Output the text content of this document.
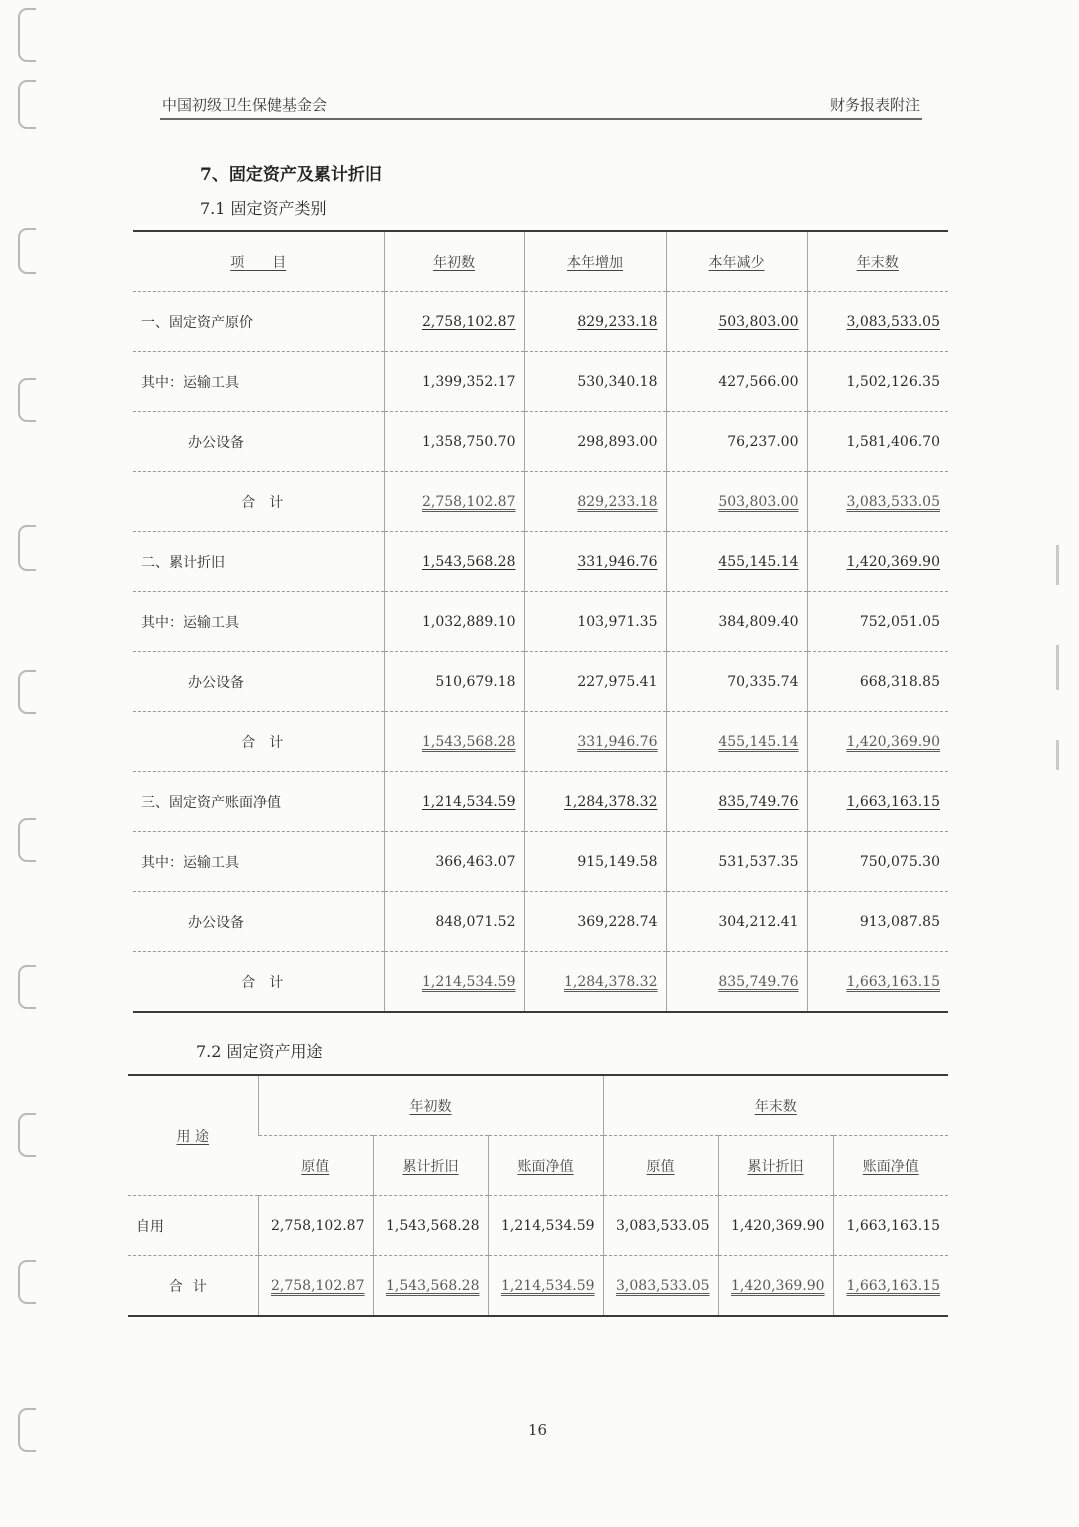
中国初级卫生保健基金会	财务报表附注
7、固定资产及累计折旧
7.1 固定资产类别
项　　目	年初数	本年增加	本年减少	年末数
一、固定资产原价	2,758,102.87	829,233.18	503,803.00	3,083,533.05
其中：运输工具	1,399,352.17	530,340.18	427,566.00	1,502,126.35
办公设备	1,358,750.70	298,893.00	76,237.00	1,581,406.70
合计	2,758,102.87	829,233.18	503,803.00	3,083,533.05
二、累计折旧	1,543,568.28	331,946.76	455,145.14	1,420,369.90
其中：运输工具	1,032,889.10	103,971.35	384,809.40	752,051.05
办公设备	510,679.18	227,975.41	70,335.74	668,318.85
合计	1,543,568.28	331,946.76	455,145.14	1,420,369.90
三、固定资产账面净值	1,214,534.59	1,284,378.32	835,749.76	1,663,163.15
其中：运输工具	366,463.07	915,149.58	531,537.35	750,075.30
办公设备	848,071.52	369,228.74	304,212.41	913,087.85
合计	1,214,534.59	1,284,378.32	835,749.76	1,663,163.15
7.2 固定资产用途
用 途	年初数			年末数		
	原值	累计折旧	账面净值	原值	累计折旧	账面净值
自用	2,758,102.87	1,543,568.28	1,214,534.59	3,083,533.05	1,420,369.90	1,663,163.15
合计	2,758,102.87	1,543,568.28	1,214,534.59	3,083,533.05	1,420,369.90	1,663,163.15
16
